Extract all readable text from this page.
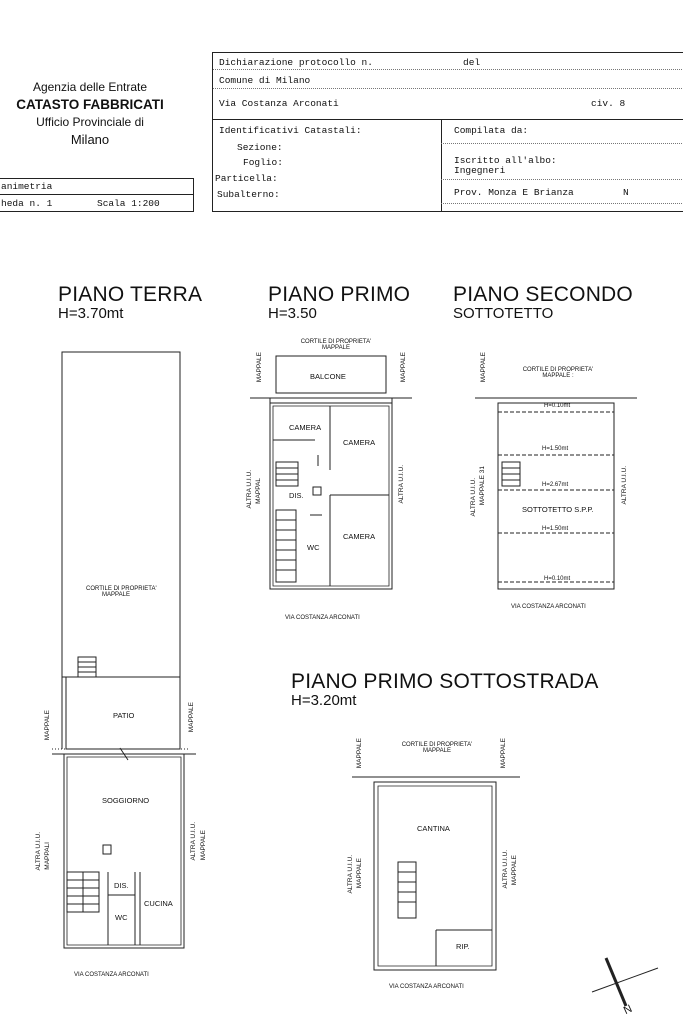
Agenzia delle Entrate
CATASTO FABBRICATI
Ufficio Provinciale di
Milano
animetria
heda n. 1	Scala 1:200
Dichiarazione protocollo n.	del
Comune di Milano
Via Costanza Arconati	civ. 8
Identificativi Catastali:
Sezione:
Foglio:
Particella:
Subalterno:
Compilata da:
Iscritto all'albo:
Ingegneri
Prov. Monza E Brianza	N
PIANO TERRA
H=3.70mt
PIANO PRIMO
H=3.50
PIANO SECONDO
SOTTOTETTO
PIANO PRIMO SOTTOSTRADA
H=3.20mt
CORTILE DI PROPRIETA'
MAPPALE
PATIO
SOGGIORNO
DIS.
WC
CUCINA
MAPPALE	MAPPALE
ALTRA U.I.U. MAPPALI	ALTRA U.I.U. MAPPALE
VIA COSTANZA ARCONATI
CORTILE DI PROPRIETA'
MAPPALE
BALCONE
CAMERA
CAMERA
DIS.
CAMERA
WC
MAPPALE	MAPPALE
ALTRA U.I.U. MAPPAL	ALTRA U.I.U.
VIA COSTANZA ARCONATI
CORTILE DI PROPRIETA'
MAPPALE :
H=0.10mt
H=1.50mt
H=2.67mt
SOTTOTETTO S.P.P.
H=1.50mt
H=0.10mt
MAPPALE
ALTRA U.I.U. MAPPALE 31	ALTRA U.I.U.
VIA COSTANZA ARCONATI
CORTILE DI PROPRIETA'
MAPPALE
CANTINA
RIP.
MAPPALE	MAPPALE
ALTRA U.I.U. MAPPALE	ALTRA U.I.U. MAPPALE
VIA COSTANZA ARCONATI
N
